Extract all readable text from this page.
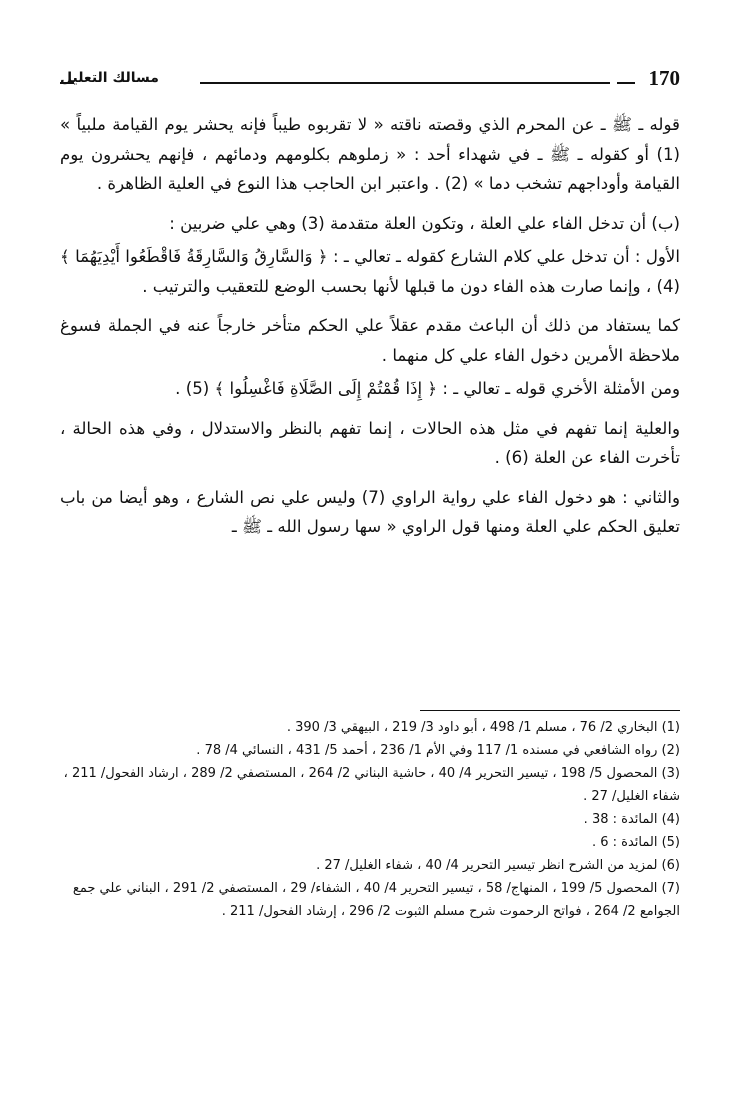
170
مسالك التعليل

قوله ـ ﷺ ـ عن المحرم الذي وقصته ناقته « لا تقربوه طيباً فإنه يحشر يوم القيامة ملبياً » (1) أو كقوله ـ ﷺ ـ في شهداء أحد : « زملوهم بكلومهم ودمائهم ، فإنهم يحشرون يوم القيامة وأوداجهم تشخب دما » (2) . واعتبر ابن الحاجب هذا النوع في العلية الظاهرة .

(ب) أن تدخل الفاء علي العلة ، وتكون العلة متقدمة (3) وهي علي ضربين :

الأول : أن تدخل علي كلام الشارع كقوله ـ تعالي ـ : ﴿ وَالسَّارِقُ وَالسَّارِقَةُ فَاقْطَعُوا أَيْدِيَهُمَا ﴾ (4) ، وإنما صارت هذه الفاء دون ما قبلها لأنها بحسب الوضع للتعقيب والترتيب .

كما يستفاد من ذلك أن الباعث مقدم عقلاً علي الحكم متأخر خارجاً عنه في الجملة فسوغ ملاحظة الأمرين دخول الفاء علي كل منهما .

ومن الأمثلة الأخري قوله ـ تعالي ـ : ﴿ إِذَا قُمْتُمْ إِلَى الصَّلَاةِ فَاغْسِلُوا ﴾ (5) .

والعلية إنما تفهم في مثل هذه الحالات ، إنما تفهم بالنظر والاستدلال ، وفي هذه الحالة ، تأخرت الفاء عن العلة (6) .

والثاني : هو دخول الفاء علي رواية الراوي (7) وليس علي نص الشارع ، وهو أيضا من باب تعليق الحكم علي العلة ومنها قول الراوي « سها رسول الله ـ ﷺ ـ

(1) البخاري 2/ 76 ، مسلم 1/ 498 ، أبو داود 3/ 219 ، البيهقي 3/ 390 .
(2) رواه الشافعي في مسنده 1/ 117 وفي الأم 1/ 236 ، أحمد 5/ 431 ، النسائي 4/ 78 .
(3) المحصول 5/ 198 ، تيسير التحرير 4/ 40 ، حاشية البناني 2/ 264 ، المستصفي 2/ 289 ، ارشاد الفحول/ 211 ، شفاء الغليل/ 27 .
(4) المائدة : 38 .
(5) المائدة : 6 .
(6) لمزيد من الشرح انظر تيسير التحرير 4/ 40 ، شفاء الغليل/ 27 .
(7) المحصول 5/ 199 ، المنهاج/ 58 ، تيسير التحرير 4/ 40 ، الشفاء/ 29 ، المستصفي 2/ 291 ، البناني علي جمع الجوامع 2/ 264 ، فواتح الرحموت شرح مسلم الثبوت 2/ 296 ، إرشاد الفحول/ 211 .
